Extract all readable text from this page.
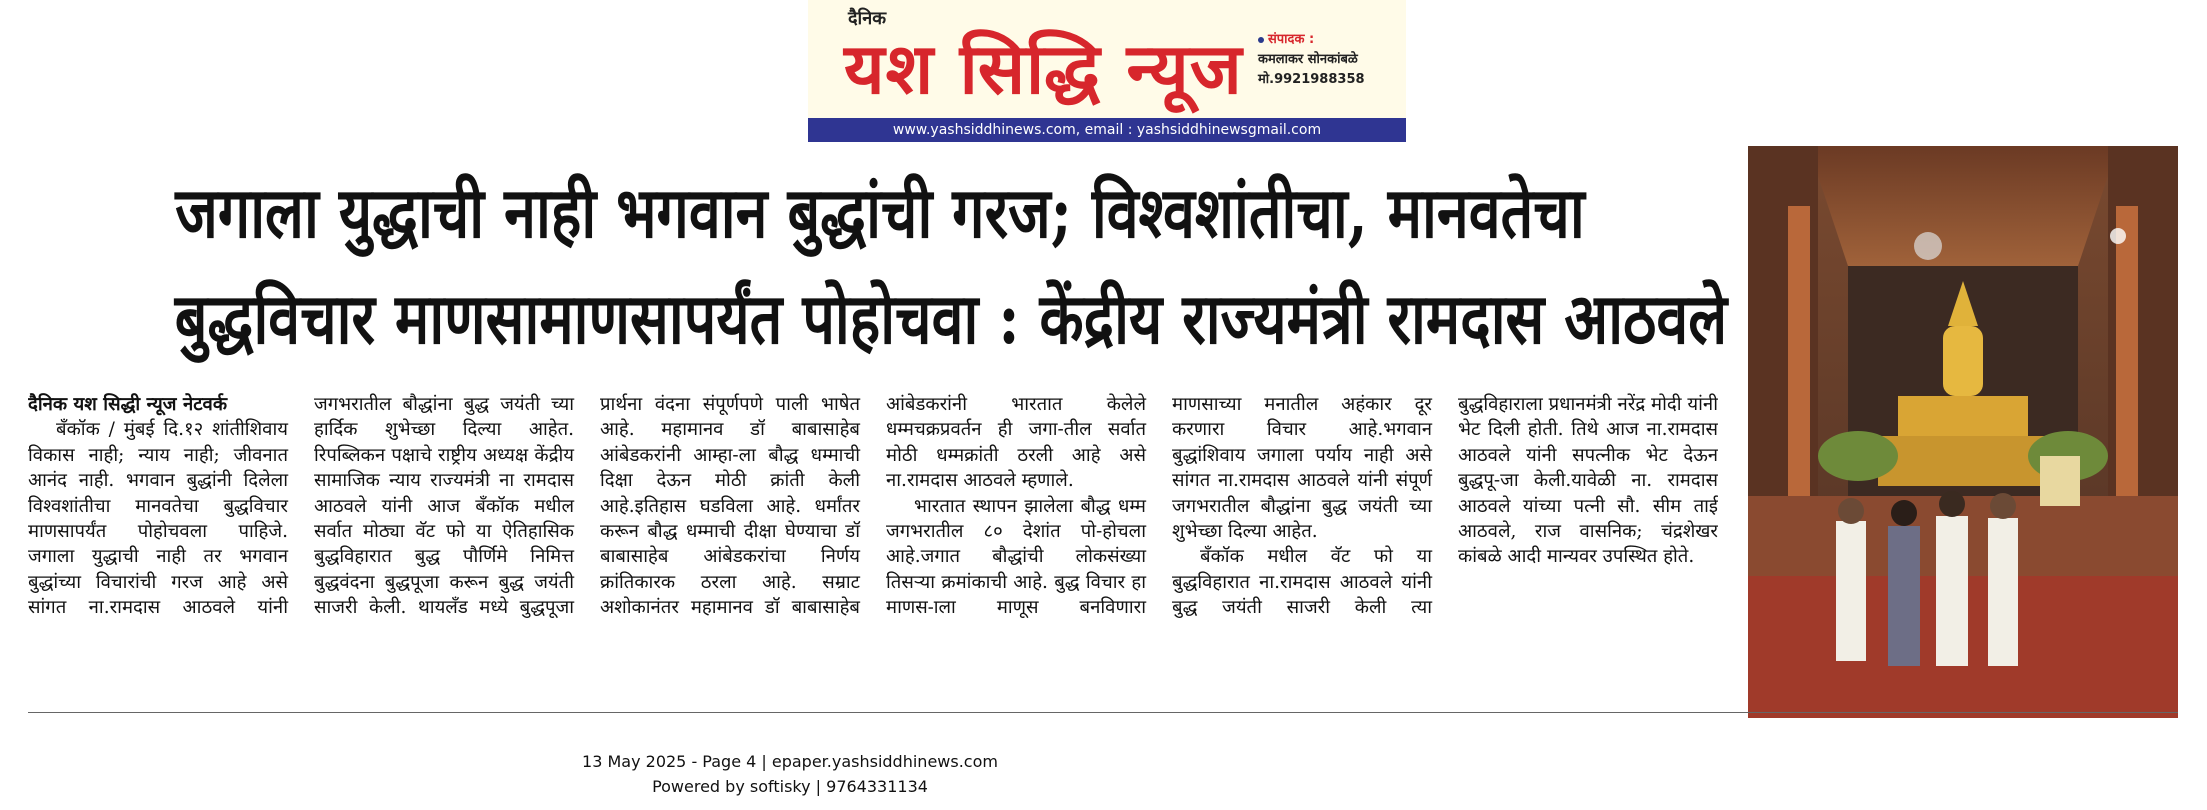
दैनिक
यश सिद्धि न्यूज	संपादक :
कमलाकर सोनकांबळे
मो.9921988358
www.yashsiddhinews.com, email : yashsiddhinewsgmail.com
जगाला युद्धाची नाही भगवान बुद्धांची गरज; विश्वशांतीचा, मानवतेचा
बुद्धविचार माणसामाणसापर्यंत पोहोचवा : केंद्रीय राज्यमंत्री रामदास आठवले

दैनिक यश सिद्धी न्यूज नेटवर्क

बँकॉक / मुंबई दि.१२ शांतीशिवाय विकास नाही; न्याय नाही; जीवनात आनंद नाही. भगवान बुद्धांनी दिलेला विश्वशांतीचा मानवतेचा बुद्धविचार माणसापर्यंत पोहोचवला पाहिजे. जगाला युद्धाची नाही तर भगवान बुद्धांच्या विचारांची गरज आहे असे सांगत ना.रामदास आठवले यांनी जगभरातील बौद्धांना बुद्ध जयंती च्या हार्दिक शुभेच्छा दिल्या आहेत. रिपब्लिकन पक्षाचे राष्ट्रीय अध्यक्ष केंद्रीय सामाजिक न्याय राज्यमंत्री ना रामदास आठवले यांनी आज बँकॉक मधील सर्वात मोठ्या वॅट फो या ऐतिहासिक बुद्धविहारात बुद्ध पौर्णिमे निमित्त बुद्धवंदना बुद्धपूजा करून बुद्ध जयंती साजरी केली. थायलँड मध्ये बुद्धपूजा प्रार्थना वंदना संपूर्णपणे पाली भाषेत आहे. महामानव डॉ बाबासाहेब आंबेडकरांनी आम्हा-ला बौद्ध धम्माची दिक्षा देऊन मोठी क्रांती केली आहे.इतिहास घडविला आहे. धर्मांतर करून बौद्ध धम्माची दीक्षा घेण्याचा डॉ बाबासाहेब आंबेडकरांचा निर्णय क्रांतिकारक ठरला आहे. सम्राट अशोकानंतर महामानव डॉ बाबासाहेब आंबेडकरांनी भारतात केलेले धम्मचक्रप्रवर्तन ही जगा-तील सर्वात मोठी धम्मक्रांती ठरली आहे असे ना.रामदास आठवले म्हणाले.

भारतात स्थापन झालेला बौद्ध धम्म जगभरातील ८० देशांत पो-होचला आहे.जगात बौद्धांची लोकसंख्या तिसऱ्या क्रमांकाची आहे. बुद्ध विचार हा माणस-ाला माणूस बनविणारा माणसाच्या मनातील अहंकार दूर करणारा विचार आहे.भगवान बुद्धांशिवाय जगाला पर्याय नाही असे सांगत ना.रामदास आठवले यांनी संपूर्ण जगभरातील बौद्धांना बुद्ध जयंती च्या शुभेच्छा दिल्या आहेत.

बँकॉक मधील वॅट फो या बुद्धविहारात ना.रामदास आठवले यांनी बुद्ध जयंती साजरी केली त्या बुद्धविहाराला प्रधानमंत्री नरेंद्र मोदी यांनी भेट दिली होती. तिथे आज ना.रामदास आठवले यांनी सपत्नीक भेट देऊन बुद्धपू-जा केली.यावेळी ना. रामदास आठवले यांच्या पत्नी सौ. सीम ताई आठवले, राज वासनिक; चंद्रशेखर कांबळे आदी मान्यवर उपस्थित होते.

13 May 2025 - Page 4 | epaper.yashsiddhinews.com
Powered by softisky | 9764331134
